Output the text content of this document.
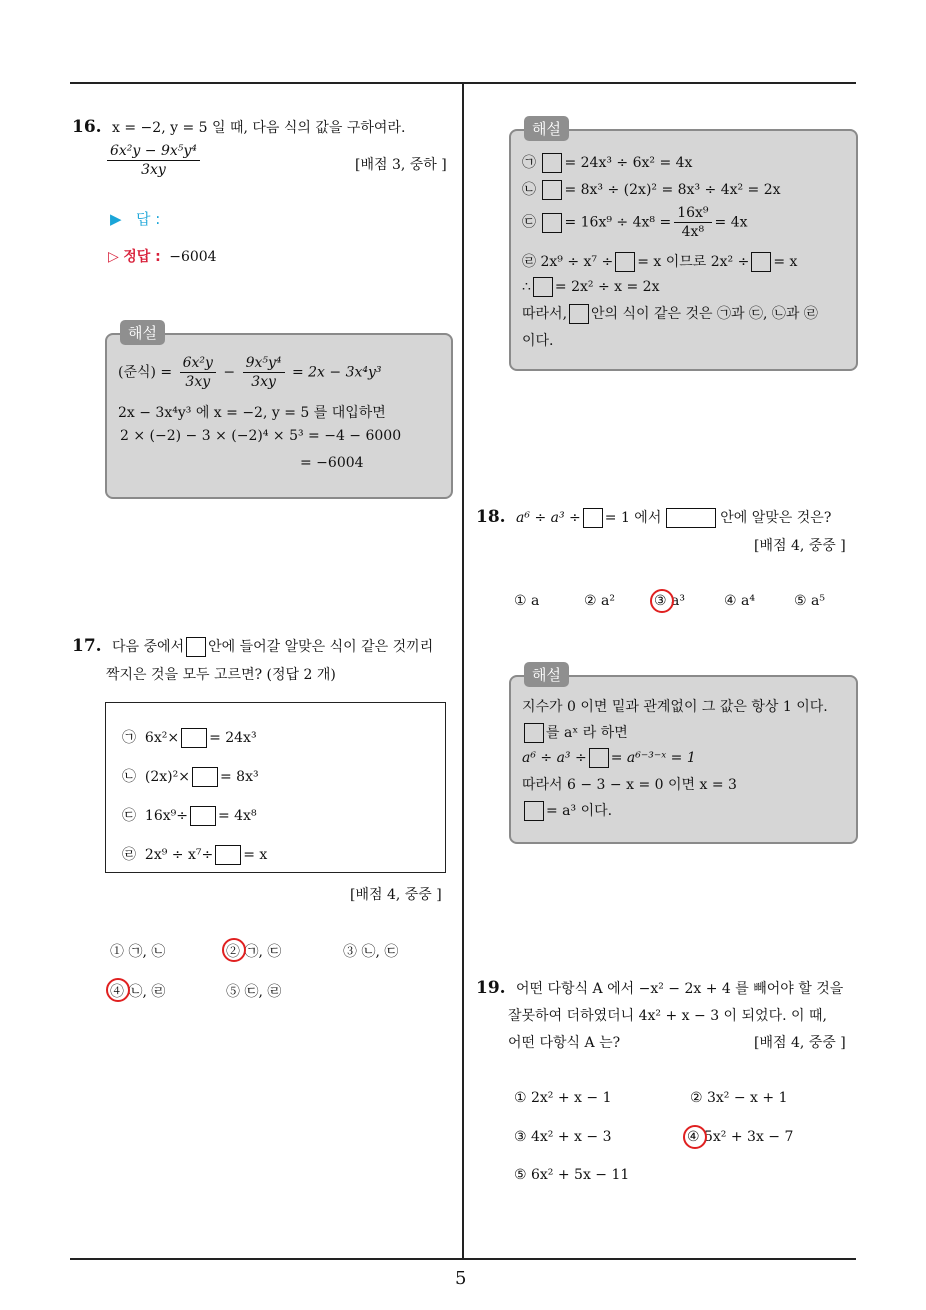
5
16. x = −2, y = 5 일 때, 다음 식의 값을 구하여라.
$\frac{\text{6x²y − 9x⁵y⁴}}{3xy}$	[배점 3, 중하 ]
▶ 답 :
▷ 정답 : −6004
해설
(준식) = $\frac{\text{6x²y}}{3xy} - \frac{\text{9x⁵y⁴}}{3xy} = 2x - 3x^4y^3$
2x − 3x⁴y³ 에 x = −2, y = 5 를 대입하면
2 × (−2) − 3 × (−2)⁴ × 5³ = −4 − 6000
= −6004
17. 다음 중에서 안에 들어갈 알맞은 식이 같은 것끼리
짝지은 것을 모두 고르면? (정답 2 개)
㉠ 6x²× = 24x³
㉡ (2x)²× = 8x³
㉢ 16x⁹÷ = 4x⁸
㉣ 2x⁹ ÷ x⁷÷ = x
[배점 4, 중중 ]
① ㉠, ㉡	② ㉠, ㉢	③ ㉡, ㉢
④ ㉡, ㉣	⑤ ㉢, ㉣
해설
㉠ = 24x³ ÷ 6x² = 4x
㉡ = 8x³ ÷ (2x)² = 8x³ ÷ 4x² = 2x
㉢ = $16x^9 \div 4x^8 = \frac{\text{16x⁹}}{\text{4x⁸}} = 4x$
㉣ 2x⁹ ÷ x⁷ ÷ = x 이므로 2x² ÷ = x
∴ = 2x² ÷ x = 2x
따라서, 안의 식이 같은 것은 ㉠과 ㉢, ㉡과 ㉣
이다.
18. a⁶ ÷ a³ ÷ = 1 에서	안에 알맞은 것은?
[배점 4, 중중 ]
① a	② a²	③ a³	④ a⁴	⑤ a⁵
해설
지수가 0 이면 밑과 관계없이 그 값은 항상 1 이다.
를 aˣ 라 하면
a⁶ ÷ a³ ÷ = a⁶⁻³⁻ˣ = 1
따라서 6 − 3 − x = 0 이면 x = 3
= a³ 이다.
19. 어떤 다항식 A 에서 −x² − 2x + 4 를 빼어야 할 것을
잘못하여 더하였더니 4x² + x − 3 이 되었다. 이 때,
어떤 다항식 A 는?	[배점 4, 중중 ]
① 2x² + x − 1	② 3x² − x + 1
③ 4x² + x − 3	④ 5x² + 3x − 7
⑤ 6x² + 5x − 11
